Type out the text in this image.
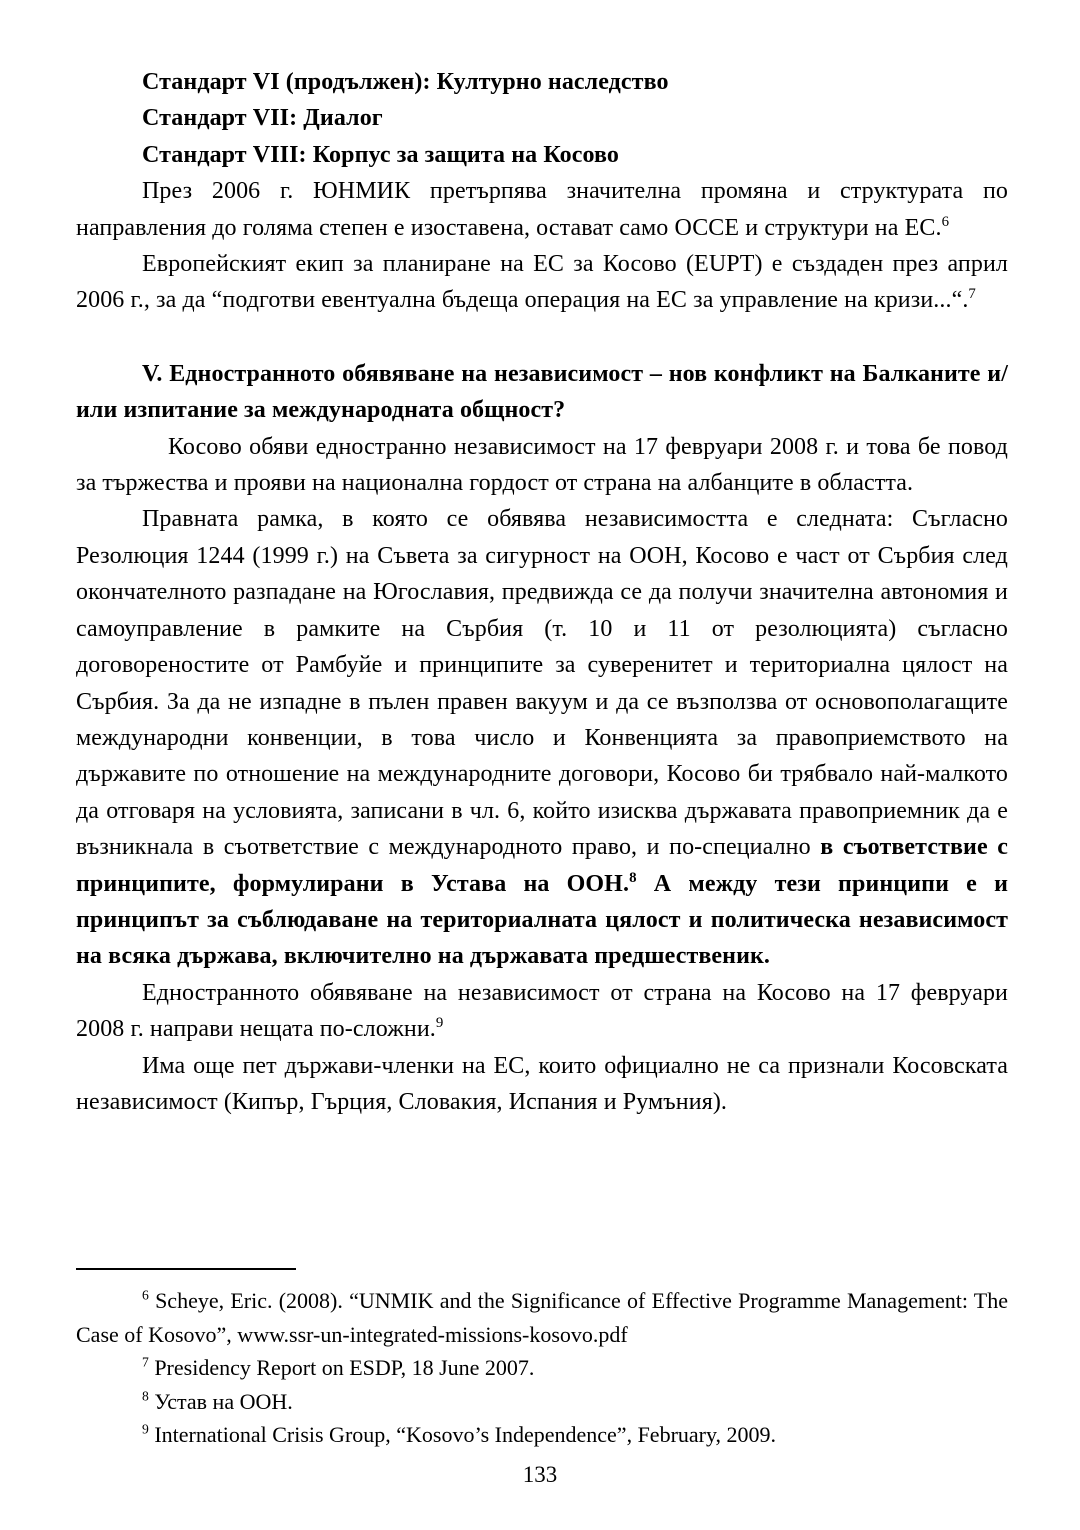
Стандарт VI (продължен): Културно наследство

Стандарт VII: Диалог

Стандарт VIII: Корпус за защита на Косово

През 2006 г. ЮНМИК претърпява значителна промяна и структурата по направления до голяма степен е изоставена, остават само ОССЕ и структури на ЕС.$^6$

Европейският екип за планиране на ЕС за Косово (EUPT) е създаден през април 2006 г., за да “подготви евентуална бъдеща операция на ЕС за управление на кризи...“.$^7$

V. Едностранното обявяване на независимост – нов конфликт на Балканите и/или изпитание за международната общност?

Косово обяви едностранно независимост на 17 февруари 2008 г. и това бе повод за тържества и прояви на национална гордост от страна на албанците в областта.

Правната рамка, в която се обявява независимостта е следната: Съгласно Резолюция 1244 (1999 г.) на Съвета за сигурност на ООН, Косово е част от Сърбия след окончателното разпадане на Югославия, предвижда се да получи значителна автономия и самоуправление в рамките на Сърбия (т. 10 и 11 от резолюцията) съгласно договореностите от Рамбуйе и принципите за суверенитет и териториална цялост на Сърбия. За да не изпадне в пълен правен вакуум и да се възползва от основополагащите международни конвенции, в това число и Конвенцията за правоприемството на държавите по отношение на международните договори, Косово би трябвало най-малкото да отговаря на условията, записани в чл. 6, който изисква държавата правоприемник да е възникнала в съответствие с международното право, и по-специално в съответствие с принципите, формулирани в Устава на ООН.$^8$ А между тези принципи е и принципът за съблюдаване на териториалната цялост и политическа независимост на всяка държава, включително на държавата предшественик.

Едностранното обявяване на независимост от страна на Косово на 17 февруари 2008 г. направи нещата по-сложни.$^9$

Има още пет държави-членки на ЕС, които официално не са признали Косовската независимост (Кипър, Гърция, Словакия, Испания и Румъния).

$^6$ Scheye, Eric. (2008). “UNMIK and the Significance of Effective Programme Management: The Case of Kosovo”, www.ssr-un-integrated-missions-kosovo.pdf

$^7$ Presidency Report on ESDP, 18 June 2007.

$^8$ Устав на ООН.

$^9$ International Crisis Group, “Kosovo’s Independence”, February, 2009.

133
